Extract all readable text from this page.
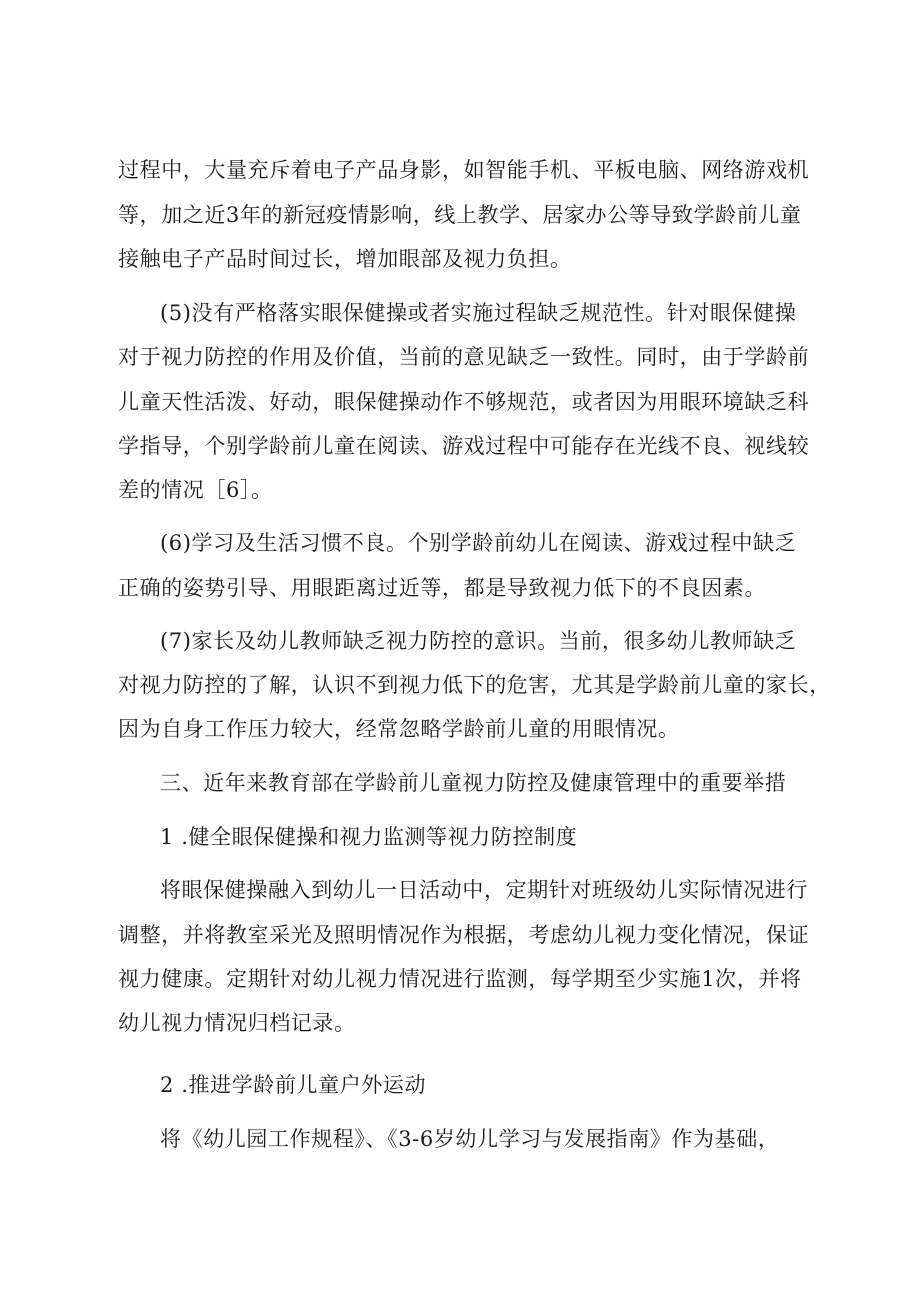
过程中，大量充斥着电子产品身影，如智能手机、平板电脑、网络游戏机

等，加之近3年的新冠疫情影响，线上教学、居家办公等导致学龄前儿童

接触电子产品时间过长，增加眼部及视力负担。

(5)没有严格落实眼保健操或者实施过程缺乏规范性。针对眼保健操

对于视力防控的作用及价值，当前的意见缺乏一致性。同时，由于学龄前

儿童天性活泼、好动，眼保健操动作不够规范，或者因为用眼环境缺乏科

学指导，个别学龄前儿童在阅读、游戏过程中可能存在光线不良、视线较

差的情况［6］。

(6)学习及生活习惯不良。个别学龄前幼儿在阅读、游戏过程中缺乏

正确的姿势引导、用眼距离过近等，都是导致视力低下的不良因素。

(7)家长及幼儿教师缺乏视力防控的意识。当前，很多幼儿教师缺乏

对视力防控的了解，认识不到视力低下的危害，尤其是学龄前儿童的家长，

因为自身工作压力较大，经常忽略学龄前儿童的用眼情况。

三、近年来教育部在学龄前儿童视力防控及健康管理中的重要举措
1 .健全眼保健操和视力监测等视力防控制度

将眼保健操融入到幼儿一日活动中，定期针对班级幼儿实际情况进行

调整，并将教室采光及照明情况作为根据，考虑幼儿视力变化情况，保证

视力健康。定期针对幼儿视力情况进行监测，每学期至少实施1次，并将

幼儿视力情况归档记录。

2 .推进学龄前儿童户外运动

将《幼儿园工作规程》、《3-6岁幼儿学习与发展指南》作为基础，
